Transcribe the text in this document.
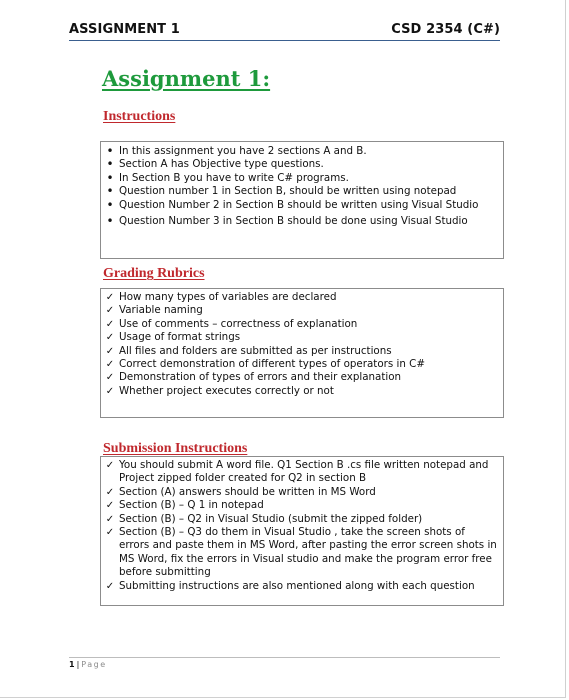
ASSIGNMENT 1	CSD 2354 (C#)
Assignment 1:
Instructions
• In this assignment you have 2 sections A and B.
• Section A has Objective type questions.
• In Section B you have to write C# programs.
• Question number 1 in Section B, should be written using notepad
• Question Number 2 in Section B should be written using Visual Studio
• Question Number 3 in Section B should be done using Visual Studio
Grading Rubrics
✓ How many types of variables are declared
✓ Variable naming
✓ Use of comments – correctness of explanation
✓ Usage of format strings
✓ All files and folders are submitted as per instructions
✓ Correct demonstration of different types of operators in C#
✓ Demonstration of types of errors and their explanation
✓ Whether project executes correctly or not
Submission Instructions
✓ You should submit A word file. Q1 Section B .cs file written notepad and Project zipped folder created for Q2 in section B
✓ Section (A) answers should be written in MS Word
✓ Section (B) – Q 1 in notepad
✓ Section (B) – Q2 in Visual Studio (submit the zipped folder)
✓ Section (B) – Q3 do them in Visual Studio , take the screen shots of errors and paste them in MS Word, after pasting the error screen shots in MS Word, fix the errors in Visual studio and make the program error free before submitting
✓ Submitting instructions are also mentioned along with each question
1 | Page
